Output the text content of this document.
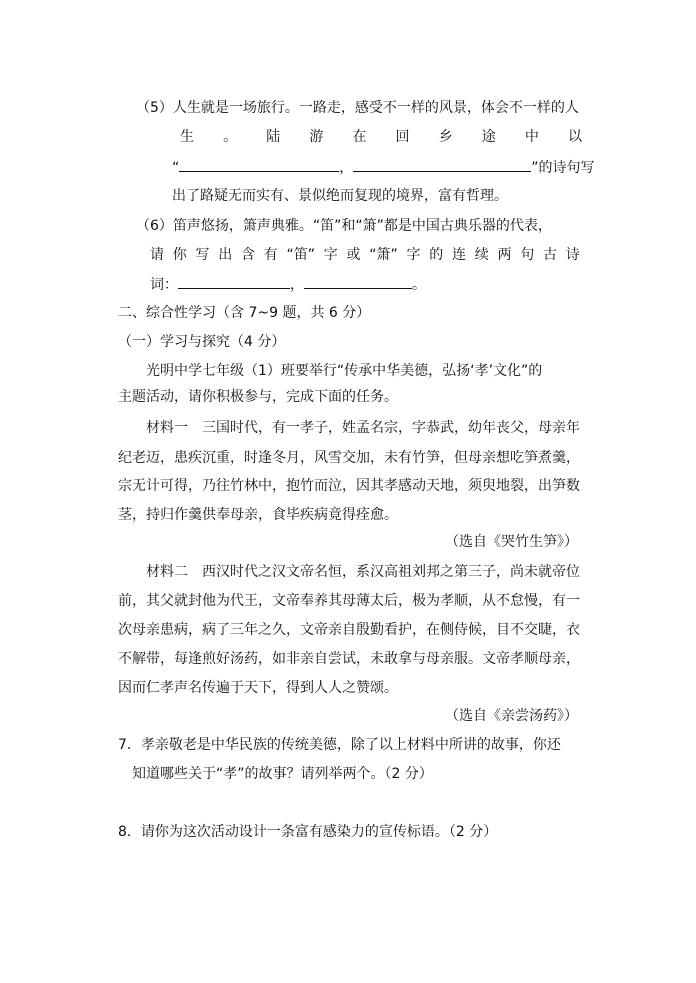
（5）人生就是一场旅行。一路走，感受不一样的风景，体会不一样的人
生 。 陆 游 在 回 乡 途 中 以
“	，	”的诗句写
出了路疑无而实有、景似绝而复现的境界，富有哲理。
（6）笛声悠扬，箫声典雅。“笛”和“箫”都是中国古典乐器的代表，
请 你 写 出 含 有 “笛” 字 或 “箫” 字 的 连 续 两 句 古 诗
词：	，	。
二、综合性学习（含 7~9 题，共 6 分）
（一）学习与探究（4 分）
光明中学七年级（1）班要举行“传承中华美德，弘扬‘孝’文化”的
主题活动，请你积极参与，完成下面的任务。
材料一　三国时代，有一孝子，姓孟名宗，字恭武，幼年丧父，母亲年
纪老迈，患疾沉重，时逢冬月，风雪交加，未有竹笋，但母亲想吃笋煮羹，
宗无计可得，乃往竹林中，抱竹而泣，因其孝感动天地，须臾地裂，出笋数
茎，持归作羹供奉母亲，食毕疾病竟得痊愈。
（选自《哭竹生笋》）
材料二　西汉时代之汉文帝名恒，系汉高祖刘邦之第三子，尚未就帝位
前，其父就封他为代王，文帝奉养其母薄太后，极为孝顺，从不怠慢，有一
次母亲患病，病了三年之久，文帝亲自殷勤看护，在侧侍候，目不交睫，衣
不解带，每逢煎好汤药，如非亲自尝试，未敢拿与母亲服。文帝孝顺母亲，
因而仁孝声名传遍于天下，得到人人之赞颂。
（选自《亲尝汤药》）
7．孝亲敬老是中华民族的传统美德，除了以上材料中所讲的故事，你还
知道哪些关于“孝”的故事？请列举两个。（2 分）
8．请你为这次活动设计一条富有感染力的宣传标语。（2 分）
